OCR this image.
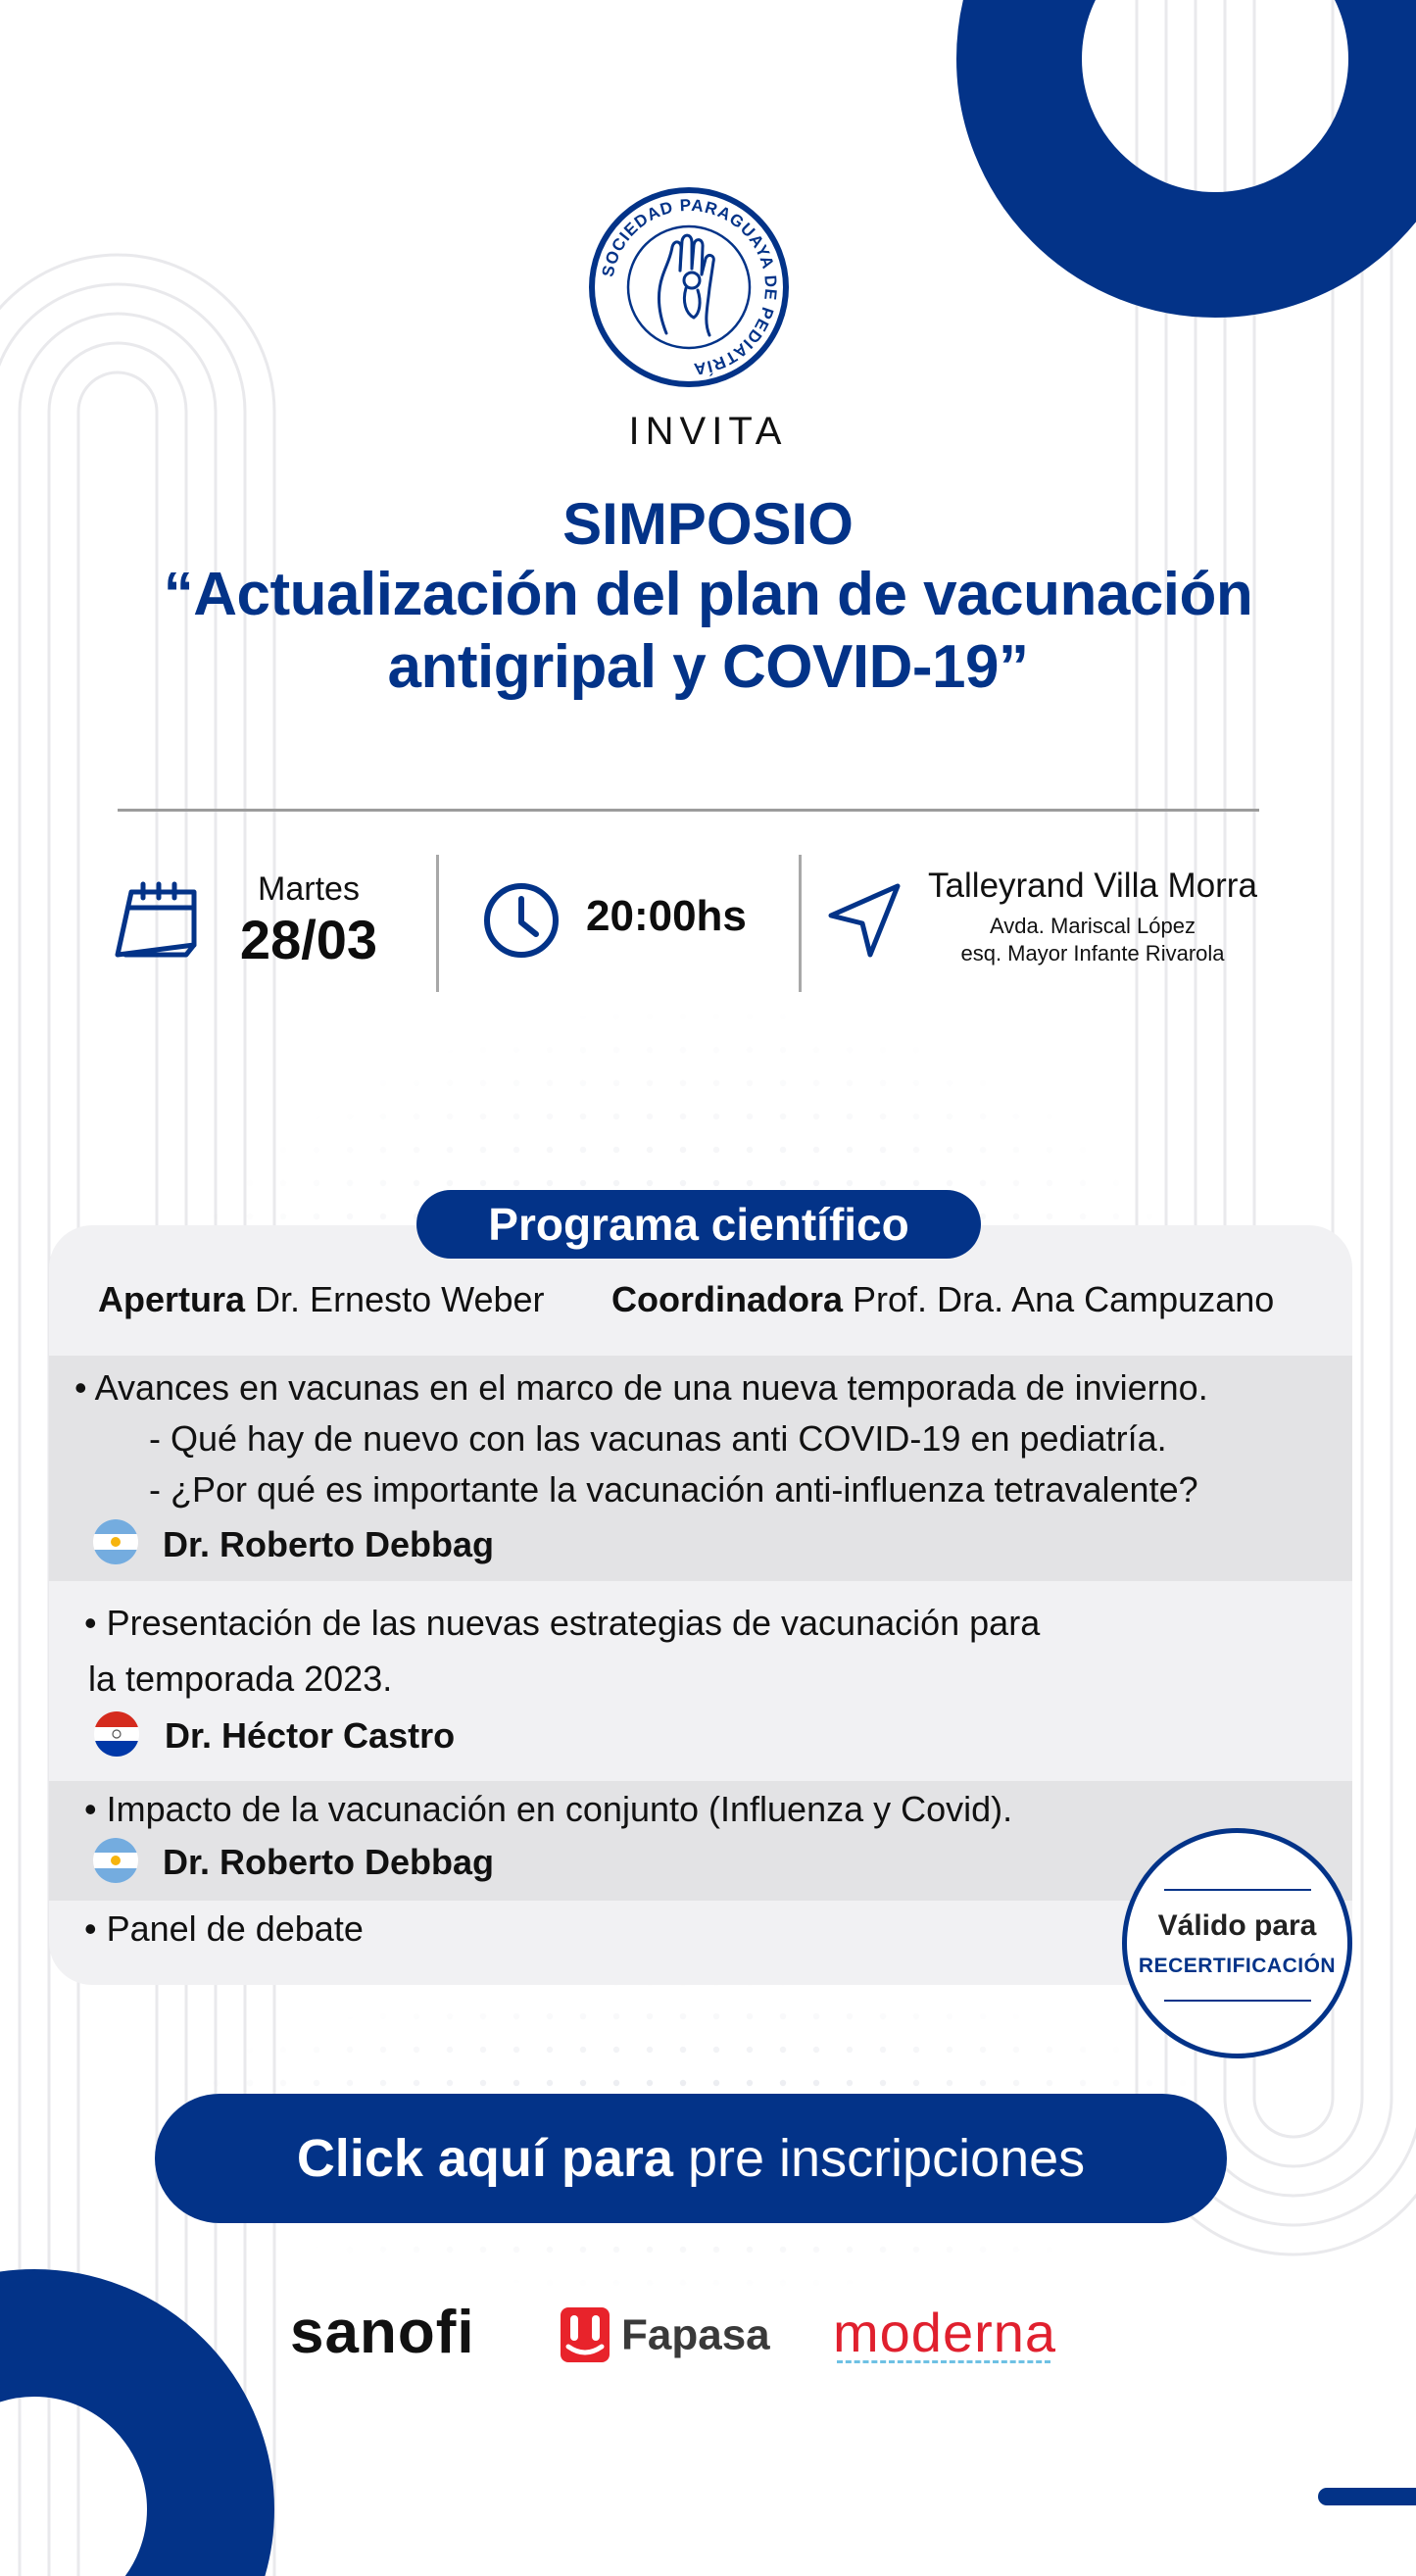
SOCIEDAD PARAGUAYA DE PEDIATRÍA
INVITA
SIMPOSIO
“Actualización del plan de vacunación
antigripal y COVID-19”
Martes
28/03	20:00hs
Talleyrand Villa Morra
Avda. Mariscal López
esq. Mayor Infante Rivarola
Apertura Dr. Ernesto Weber Coordinadora Prof. Dra. Ana Campuzano
• Avances en vacunas en el marco de una nueva temporada de invierno.
- Qué hay de nuevo con las vacunas anti COVID-19 en pediatría.
- ¿Por qué es importante la vacunación anti-influenza tetravalente?
Dr. Roberto Debbag
• Presentación de las nuevas estrategias de vacunación para
la temporada 2023.
Dr. Héctor Castro
• Impacto de la vacunación en conjunto (Influenza y Covid).
Dr. Roberto Debbag
• Panel de debate
Programa científico
Válido para
RECERTIFICACIÓN
Click aquí para pre inscripciones
sanofi	Fapasa moderna
